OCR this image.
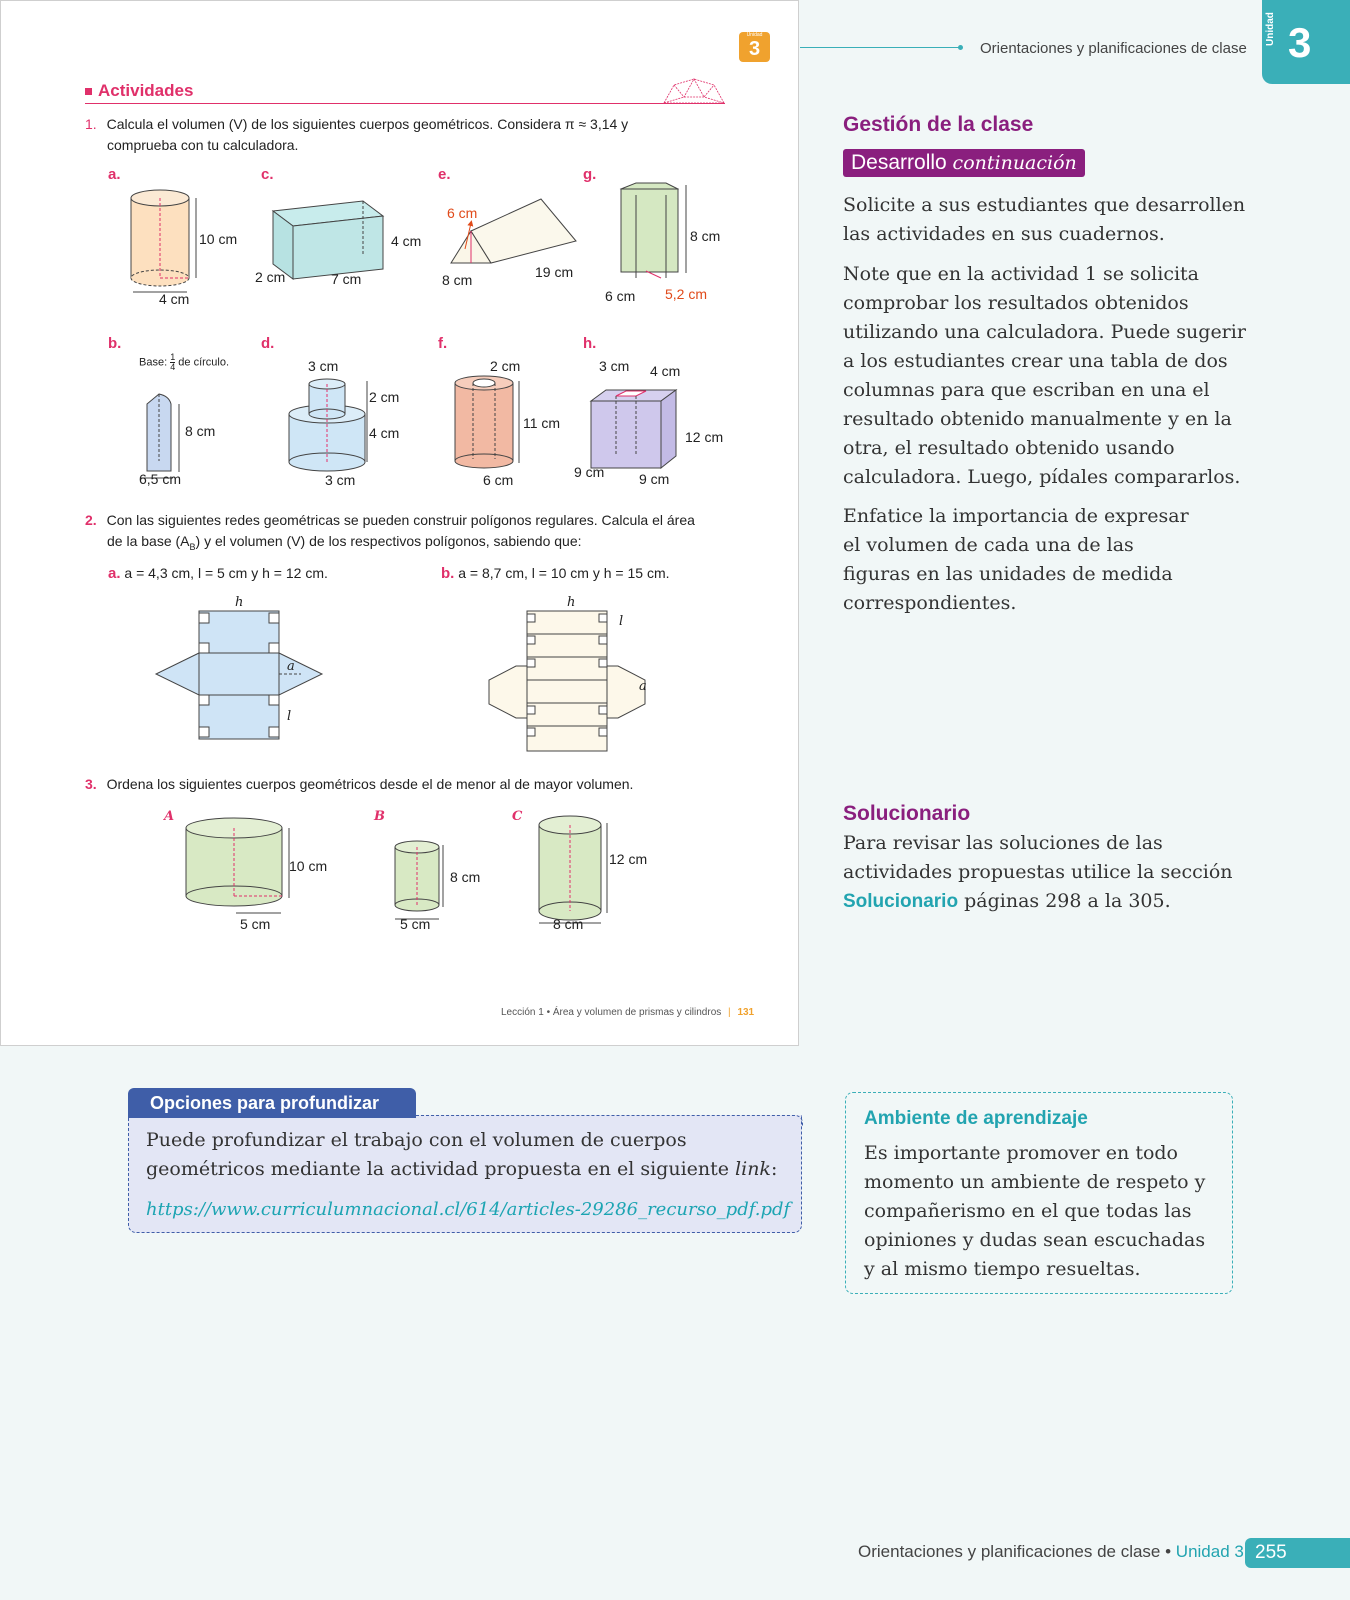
Unidad
3
Actividades
1. Calcula el volumen (V) de los siguientes cuerpos geométricos. Considera π ≈ 3,14 y
comprueba con tu calculadora.
a.	c.	e.	g.
10 cm
4 cm
4 cm
2 cm	7 cm
6 cm
8 cm	19 cm
8 cm
6 cm 5,2 cm
b.	d.	f.	h.
Base: $\frac{1}{4}$ de círculo.
8 cm
6,5 cm
3 cm
2 cm
4 cm
3 cm
2 cm
11 cm
6 cm
3 cm 4 cm
12 cm
9 cm 9 cm
2. Con las siguientes redes geométricas se pueden construir polígonos regulares. Calcula el área
de la base $(A_B)$ y el volumen (V) de los respectivos polígonos, sabiendo que:
a. a = 4,3 cm, l = 5 cm y h = 12 cm.	b. a = 8,7 cm, l = 10 cm y h = 15 cm.
h
a
l
h
l
a
3. Ordena los siguientes cuerpos geométricos desde el de menor al de mayor volumen.
A	B	C
10 cm
5 cm
8 cm
5 cm
12 cm
8 cm
Lección 1 • Área y volumen de prismas y cilindros | 131
Orientaciones y planificaciones de clase
Unidad 3
Gestión de la clase
Desarrollo continuación
Solicite a sus estudiantes que desarrollen las actividades en sus cuadernos.
Note que en la actividad 1 se solicita comprobar los resultados obtenidos utilizando una calculadora. Puede sugerir a los estudiantes crear una tabla de dos columnas para que escriban en una el resultado obtenido manualmente y en la otra, el resultado obtenido usando calculadora. Luego, pídales compararlos.
Enfatice la importancia de expresar el volumen de cada una de las figuras en las unidades de medida correspondientes.
Solucionario
Para revisar las soluciones de las actividades propuestas utilice la sección Solucionario páginas 298 a la 305.
Opciones para profundizar
Puede profundizar el trabajo con el volumen de cuerpos geométricos mediante la actividad propuesta en el siguiente link:
https://www.curriculumnacional.cl/614/articles-29286_recurso_pdf.pdf
Ambiente de aprendizaje
Es importante promover en todo momento un ambiente de respeto y compañerismo en el que todas las opiniones y dudas sean escuchadas y al mismo tiempo resueltas.
Orientaciones y planificaciones de clase • Unidad 3 255
